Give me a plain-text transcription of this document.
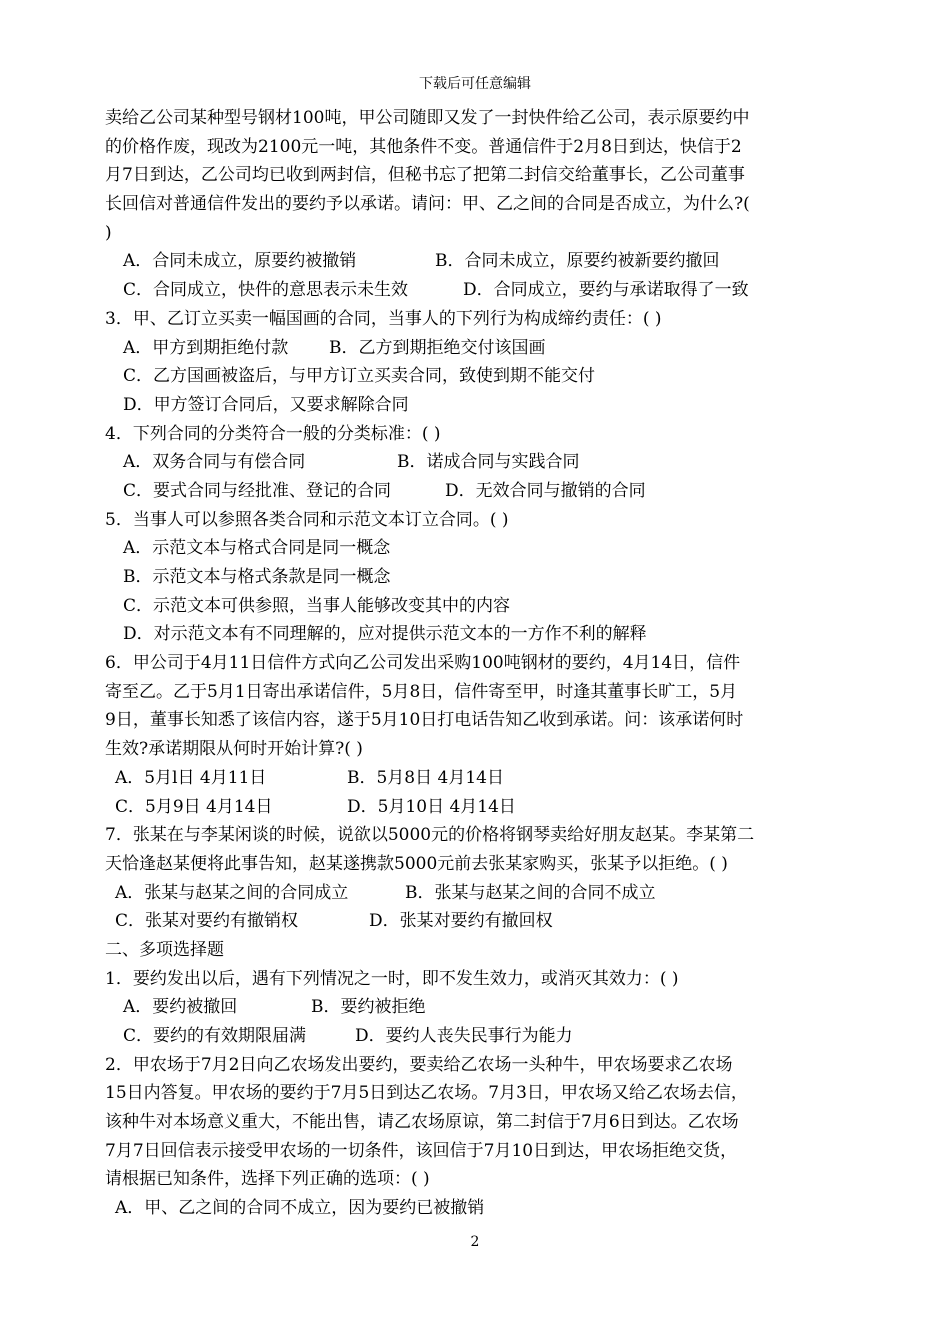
下载后可任意编辑
卖给乙公司某种型号钢材100吨，甲公司随即又发了一封快件给乙公司，表示原要约中
的价格作废，现改为2100元一吨，其他条件不变。普通信件于2月8日到达，快信于2
月7日到达，乙公司均已收到两封信，但秘书忘了把第二封信交给董事长，乙公司董事
长回信对普通信件发出的要约予以承诺。请问：甲、乙之间的合同是否成立，为什么?(
)
A．合同未成立，原要约被撤销	B．合同未成立，原要约被新要约撤回
C．合同成立，快件的意思表示未生效	D．合同成立，要约与承诺取得了一致
3．甲、乙订立买卖一幅国画的合同，当事人的下列行为构成缔约责任：( )
A．甲方到期拒绝付款 B．乙方到期拒绝交付该国画
C．乙方国画被盗后，与甲方订立买卖合同，致使到期不能交付
D．甲方签订合同后，又要求解除合同
4．下列合同的分类符合一般的分类标准：( )
A．双务合同与有偿合同	B．诺成合同与实践合同
C．要式合同与经批准、登记的合同	D．无效合同与撤销的合同
5．当事人可以参照各类合同和示范文本订立合同。( )
A．示范文本与格式合同是同一概念
B．示范文本与格式条款是同一概念
C．示范文本可供参照，当事人能够改变其中的内容
D．对示范文本有不同理解的，应对提供示范文本的一方作不利的解释
6．甲公司于4月11日信件方式向乙公司发出采购100吨钢材的要约，4月14日，信件
寄至乙。乙于5月1日寄出承诺信件，5月8日，信件寄至甲，时逢其董事长旷工，5月
9日，董事长知悉了该信内容，遂于5月10日打电话告知乙收到承诺。问：该承诺何时
生效?承诺期限从何时开始计算?( )
A．5月l日 4月11日	B．5月8日 4月14日
C．5月9日 4月14日	D．5月10日 4月14日
7．张某在与李某闲谈的时候，说欲以5000元的价格将钢琴卖给好朋友赵某。李某第二
天恰逢赵某便将此事告知，赵某遂携款5000元前去张某家购买，张某予以拒绝。( )
A．张某与赵某之间的合同成立	B．张某与赵某之间的合同不成立
C．张某对要约有撤销权	D．张某对要约有撤回权
二、多项选择题
1．要约发出以后，遇有下列情况之一时，即不发生效力，或消灭其效力：( )
A．要约被撤回	B．要约被拒绝
C．要约的有效期限届满	D．要约人丧失民事行为能力
2．甲农场于7月2日向乙农场发出要约，要卖给乙农场一头种牛，甲农场要求乙农场
15日内答复。甲农场的要约于7月5日到达乙农场。7月3日，甲农场又给乙农场去信，
该种牛对本场意义重大，不能出售，请乙农场原谅，第二封信于7月6日到达。乙农场
7月7日回信表示接受甲农场的一切条件，该回信于7月10日到达，甲农场拒绝交货，
请根据已知条件，选择下列正确的选项：( )
A．甲、乙之间的合同不成立，因为要约已被撤销
2
